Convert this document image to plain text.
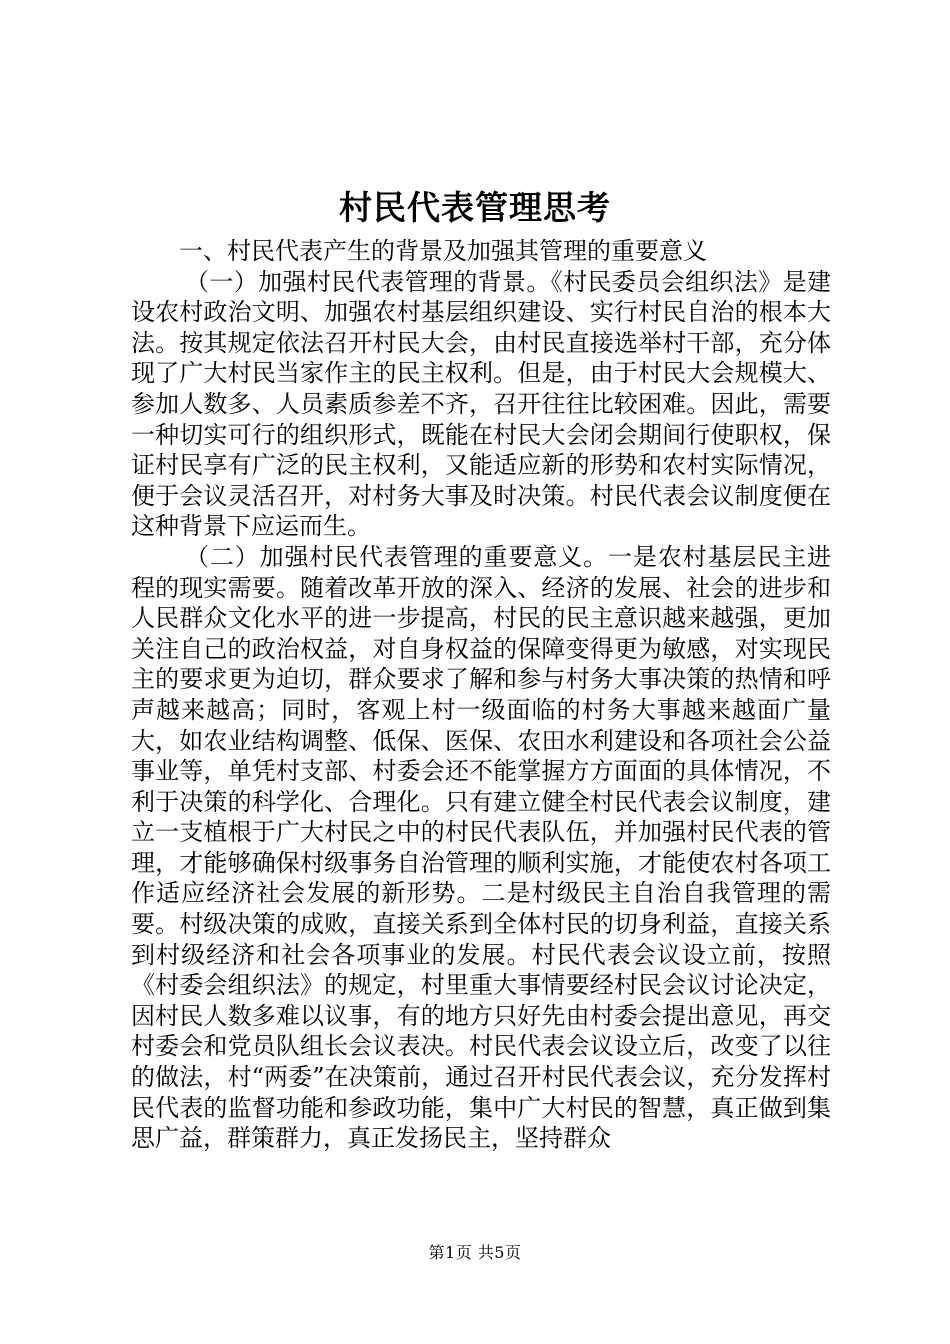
村民代表管理思考

一、村民代表产生的背景及加强其管理的重要意义

（一）加强村民代表管理的背景。《村民委员会组织法》是建设农村政治文明、加强农村基层组织建设、实行村民自治的根本大法。按其规定依法召开村民大会，由村民直接选举村干部，充分体现了广大村民当家作主的民主权利。但是，由于村民大会规模大、参加人数多、人员素质参差不齐，召开往往比较困难。因此，需要一种切实可行的组织形式，既能在村民大会闭会期间行使职权，保证村民享有广泛的民主权利，又能适应新的形势和农村实际情况，便于会议灵活召开，对村务大事及时决策。村民代表会议制度便在这种背景下应运而生。

（二）加强村民代表管理的重要意义。一是农村基层民主进程的现实需要。随着改革开放的深入、经济的发展、社会的进步和人民群众文化水平的进一步提高，村民的民主意识越来越强，更加关注自己的政治权益，对自身权益的保障变得更为敏感，对实现民主的要求更为迫切，群众要求了解和参与村务大事决策的热情和呼声越来越高；同时，客观上村一级面临的村务大事越来越面广量大，如农业结构调整、低保、医保、农田水利建设和各项社会公益事业等，单凭村支部、村委会还不能掌握方方面面的具体情况，不利于决策的科学化、合理化。只有建立健全村民代表会议制度，建立一支植根于广大村民之中的村民代表队伍，并加强村民代表的管理，才能够确保村级事务自治管理的顺利实施，才能使农村各项工作适应经济社会发展的新形势。二是村级民主自治自我管理的需要。村级决策的成败，直接关系到全体村民的切身利益，直接关系到村级经济和社会各项事业的发展。村民代表会议设立前，按照《村委会组织法》的规定，村里重大事情要经村民会议讨论决定，因村民人数多难以议事，有的地方只好先由村委会提出意见，再交村委会和党员队组长会议表决。村民代表会议设立后，改变了以往的做法，村“两委”在决策前，通过召开村民代表会议，充分发挥村民代表的监督功能和参政功能，集中广大村民的智慧，真正做到集思广益，群策群力，真正发扬民主，坚持群众

第1页 共5页
